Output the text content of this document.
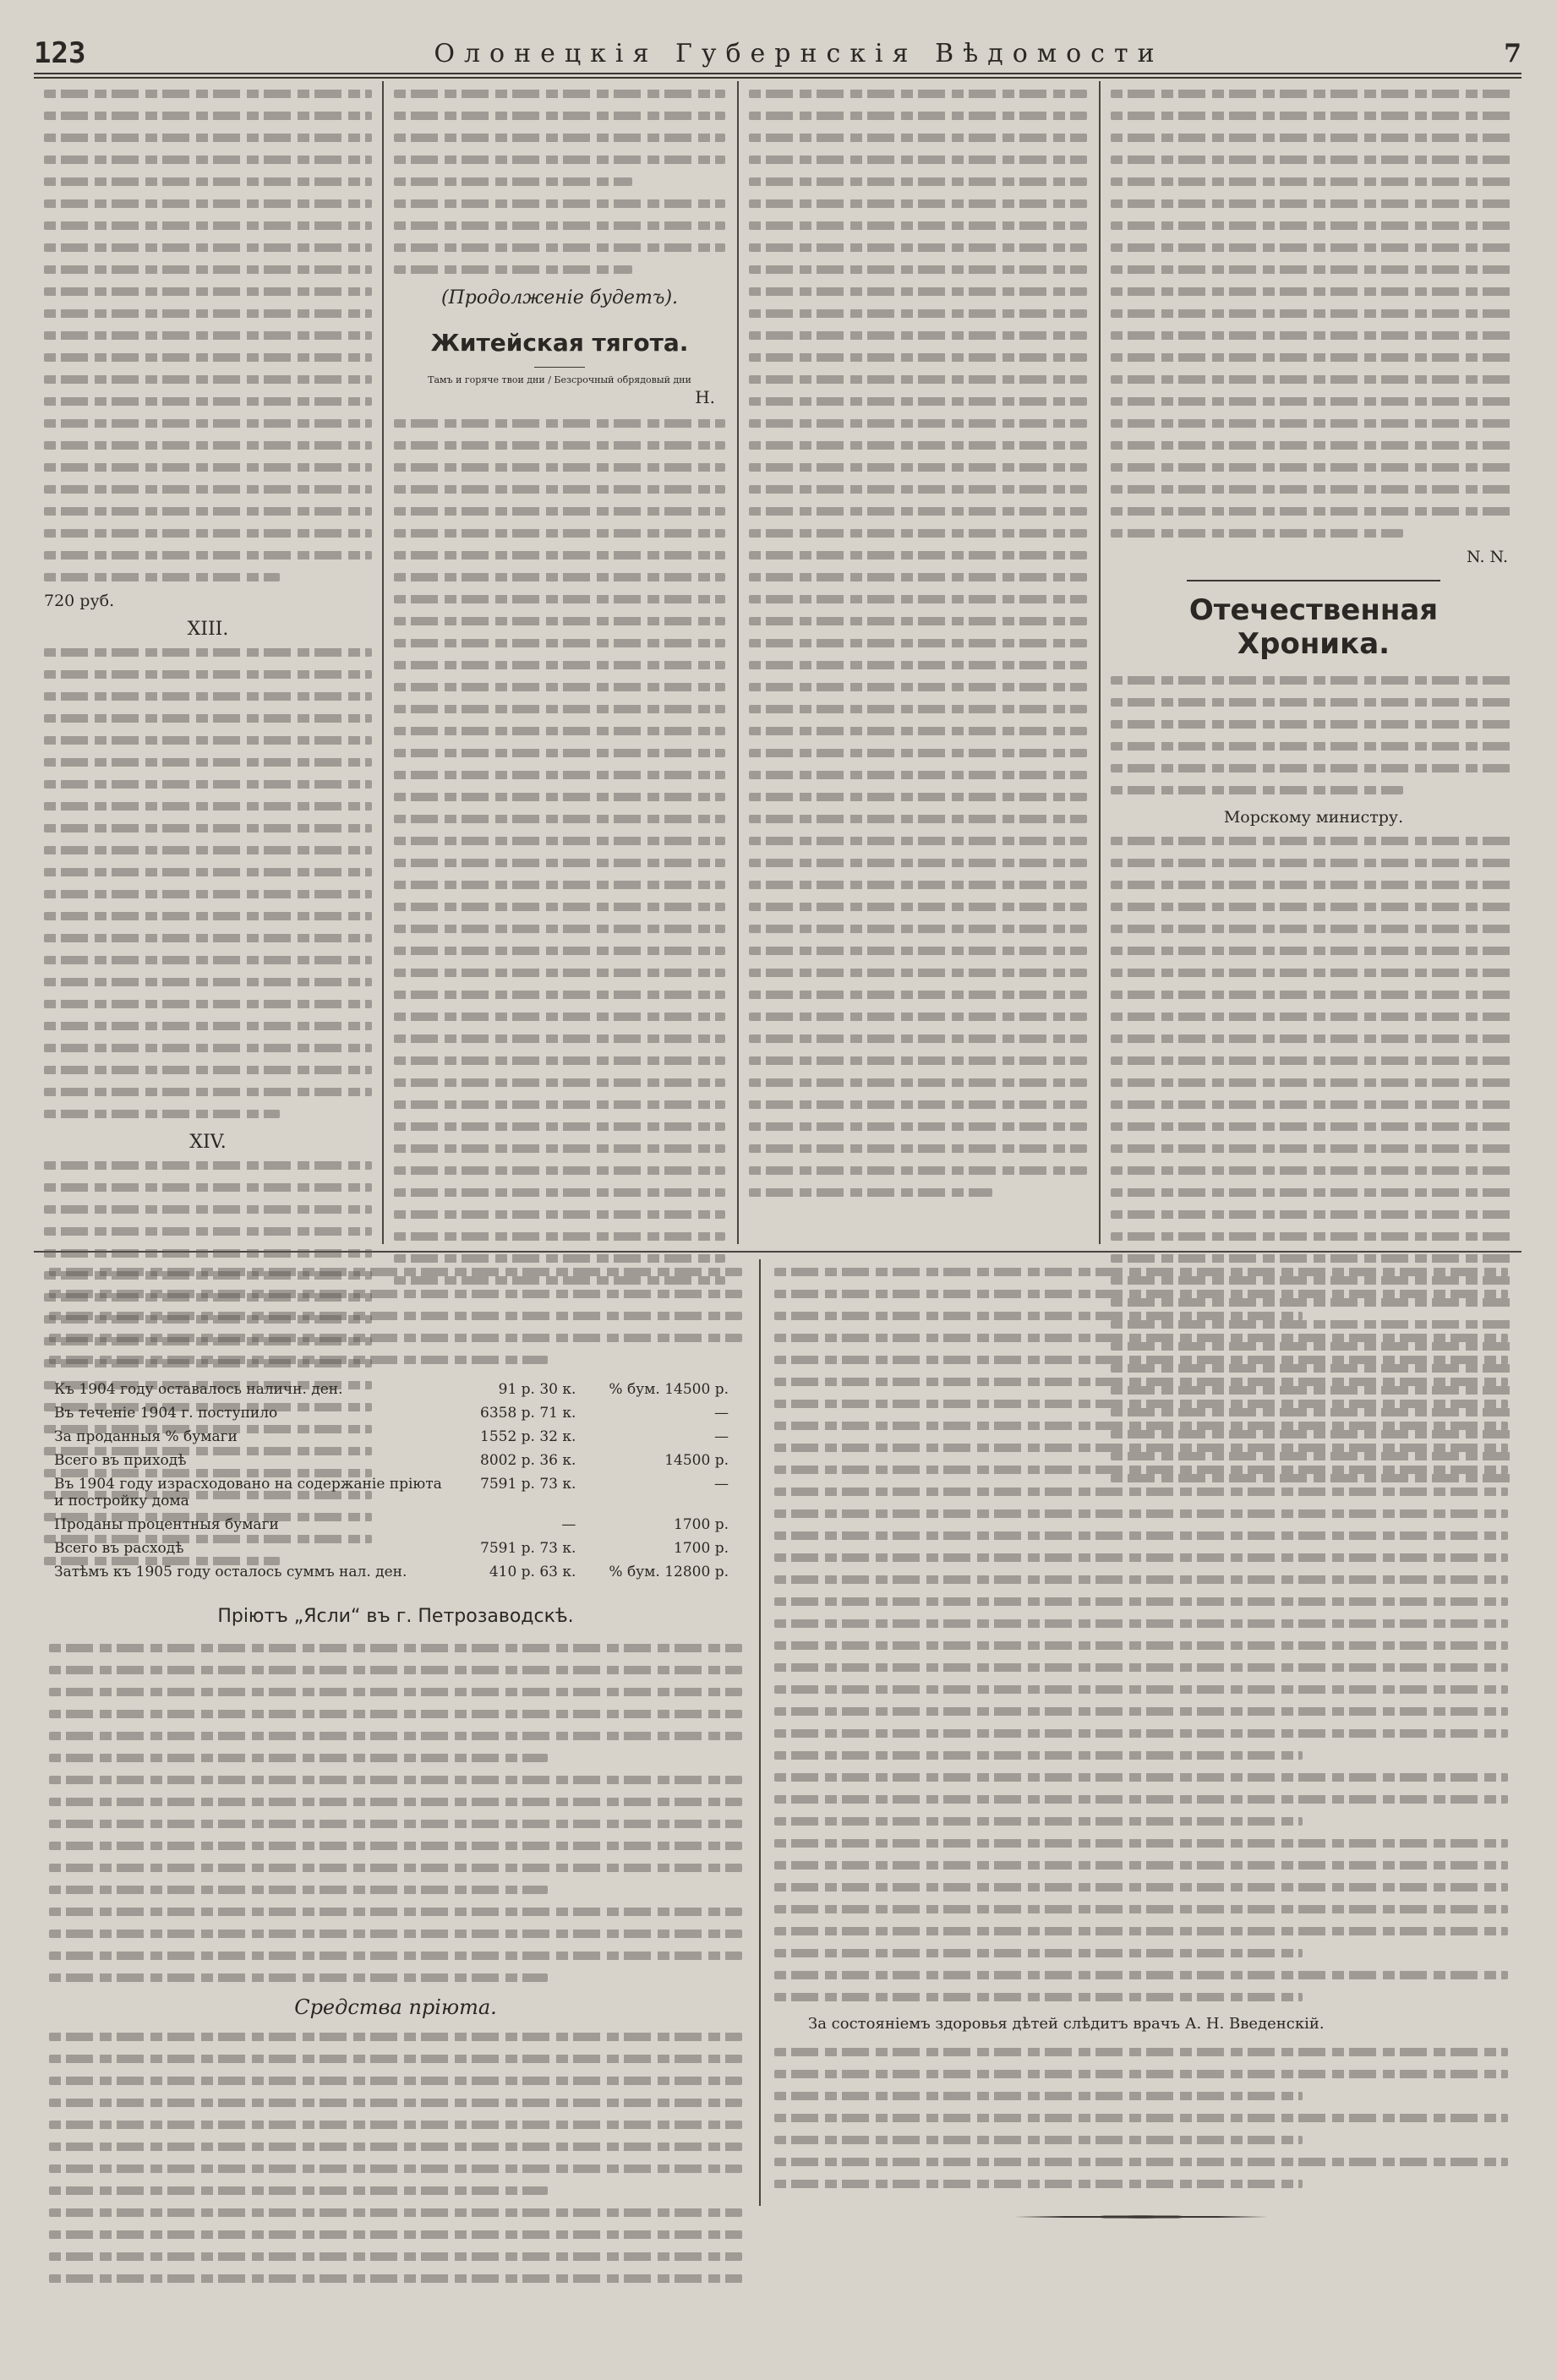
123	Олонецкія Губернскія Вѣдомости	7
720 руб.

XIII.

XIV.

(Продолженіе будетъ).

Житейская тягота.

Тамъ и горяче твои дни / Безсрочный обрядовый дни

Н.

N. N.

Отечественная Хроника.

Морскому министру.

Къ 1904 году оставалось наличн. ден.	91 р. 30 к.	% бум. 14500 р.
Въ теченіе 1904 г. поступило	6358 р. 71 к.	—
За проданныя % бумаги	1552 р. 32 к.	—
Всего въ приходѣ	8002 р. 36 к.	14500 р.
Въ 1904 году израсходовано на содержаніе пріюта и постройку дома	7591 р. 73 к.	—
Проданы процентныя бумаги	—	1700 р.
Всего въ расходѣ	7591 р. 73 к.	1700 р.
Затѣмъ къ 1905 году осталось суммъ нал. ден.	410 р. 63 к.	% бум. 12800 р.

Пріютъ „Ясли“ въ г. Петрозаводскѣ.

Средства пріюта.

За состояніемъ здоровья дѣтей слѣдитъ врачъ А. Н. Введенскій.
